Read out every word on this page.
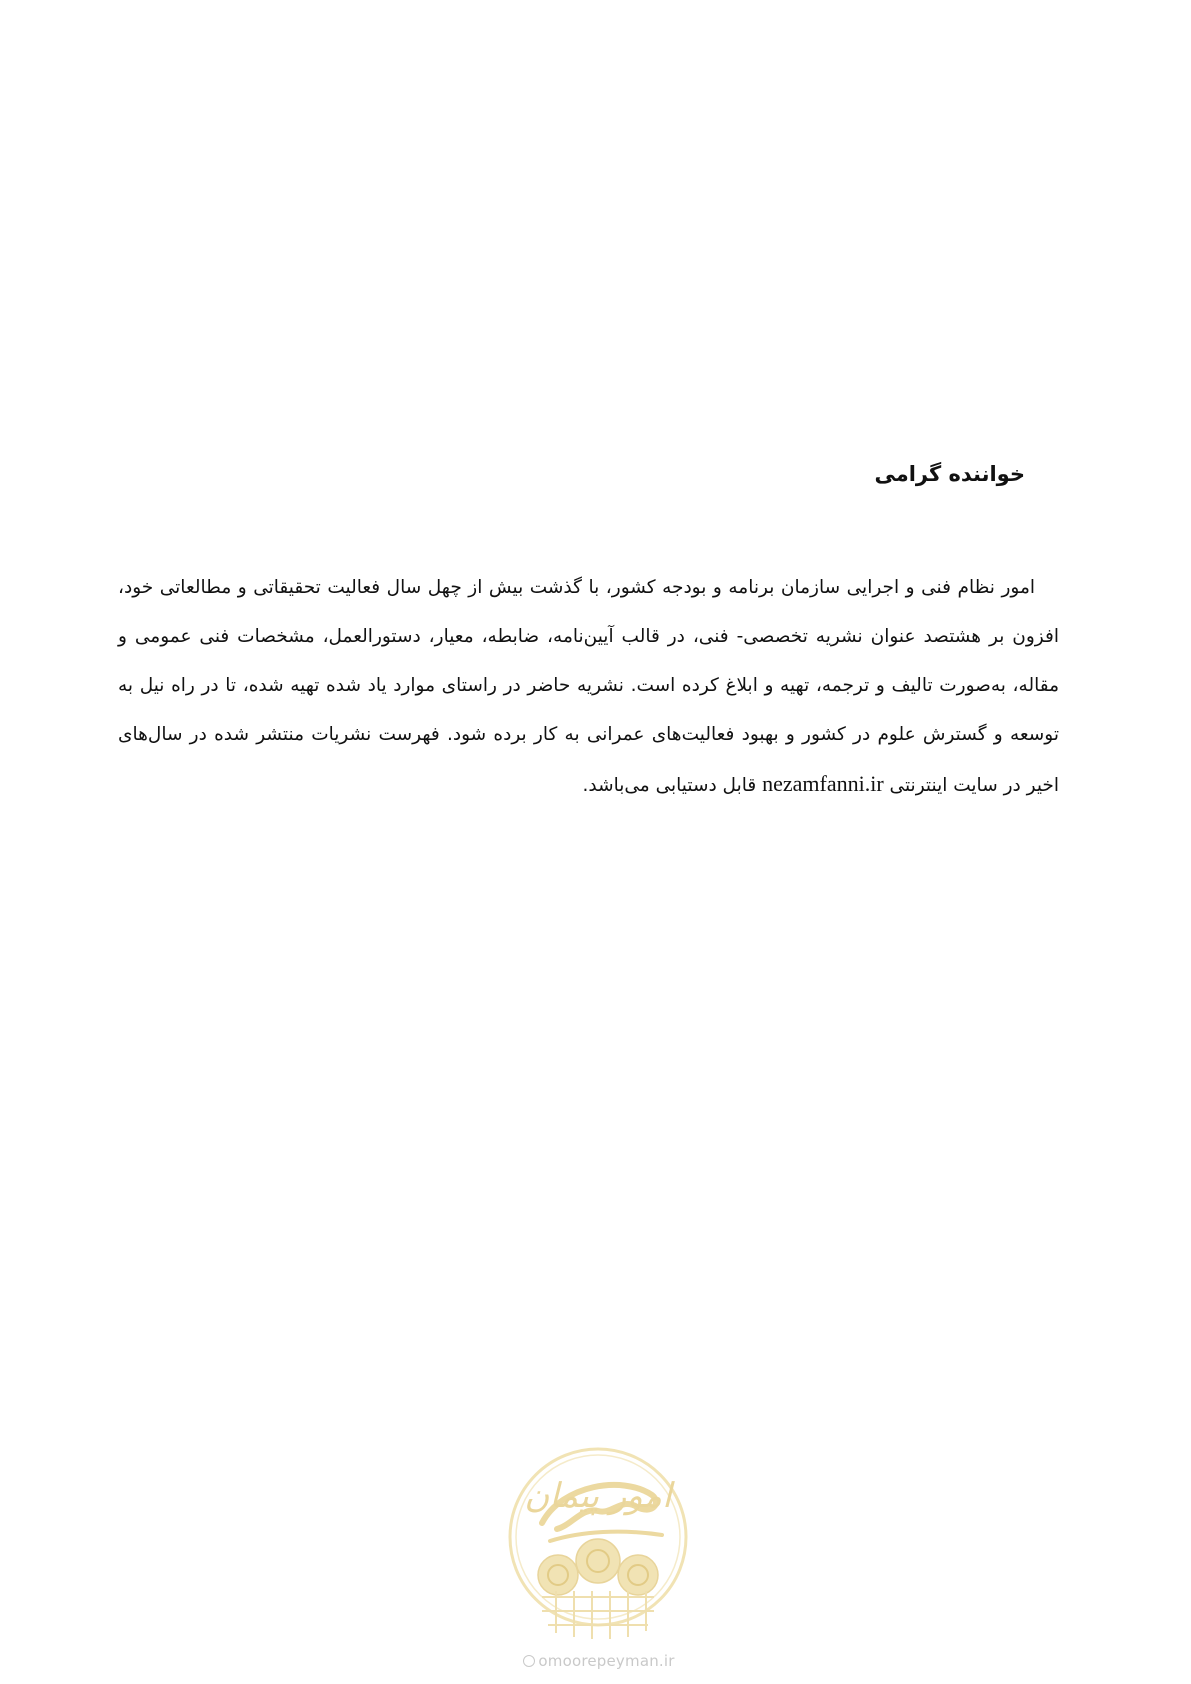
خواننده گرامی

امور نظام فنی و اجرایی سازمان برنامه و بودجه کشور، با گذشت بیش از چهل سال فعالیت تحقیقاتی و مطالعاتی خود، افزون بر هشتصد عنوان نشریه تخصصی- فنی، در قالب آیین‌نامه، ضابطه، معیار، دستورالعمل، مشخصات فنی عمومی و مقاله، به‌صورت تالیف و ترجمه، تهیه و ابلاغ کرده است. نشریه حاضر در راستای موارد یاد شده تهیه شده، تا در راه نیل به توسعه و گسترش علوم در کشور و بهبود فعالیت‌های عمرانی به کار برده شود. فهرست نشریات منتشر شده در سال‌های اخیر در سایت اینترنتی nezamfanni.ir قابل دستیابی می‌باشد.

امور پیمان
omoorepeyman.ir
